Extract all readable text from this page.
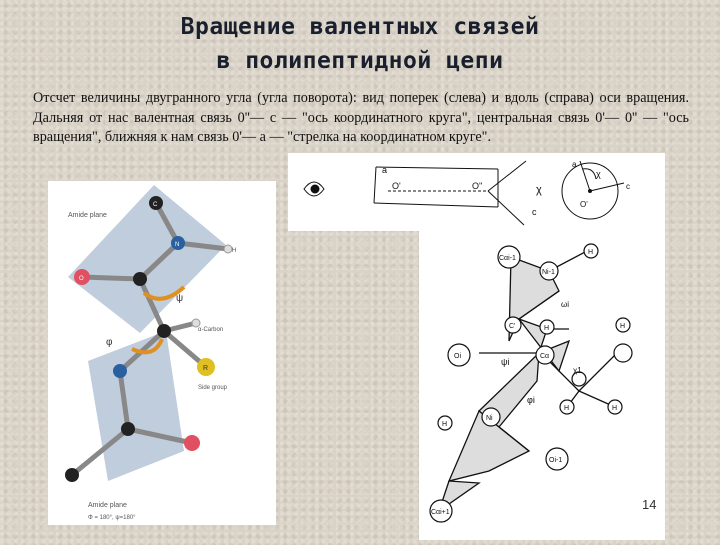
Вращение валентных связей
в полипептидной цепи
Отсчет величины двугранного угла (угла поворота): вид поперек (слева) и вдоль (справа) оси вращения. Дальняя от нас валентная связь 0''— c — "ось координатного круга", центральная связь 0'— 0'' — "ось вращения", ближняя к нам связь 0'— a — "стрелка на координатном круге".
C
N
O
H
R
Amide plane
ψ
φ
α-Carbon
Side group
Amide plane
Φ = 180°, ψ=180°
a
O'	O''
c
χ
a
χ
O'
c
Cαi-1
H
Ni-1
ωi
C'	H	H
Oi
ψi
Cα
χ1
φi
H	H
Ni
H
Oi-1
Cαi+1
14
